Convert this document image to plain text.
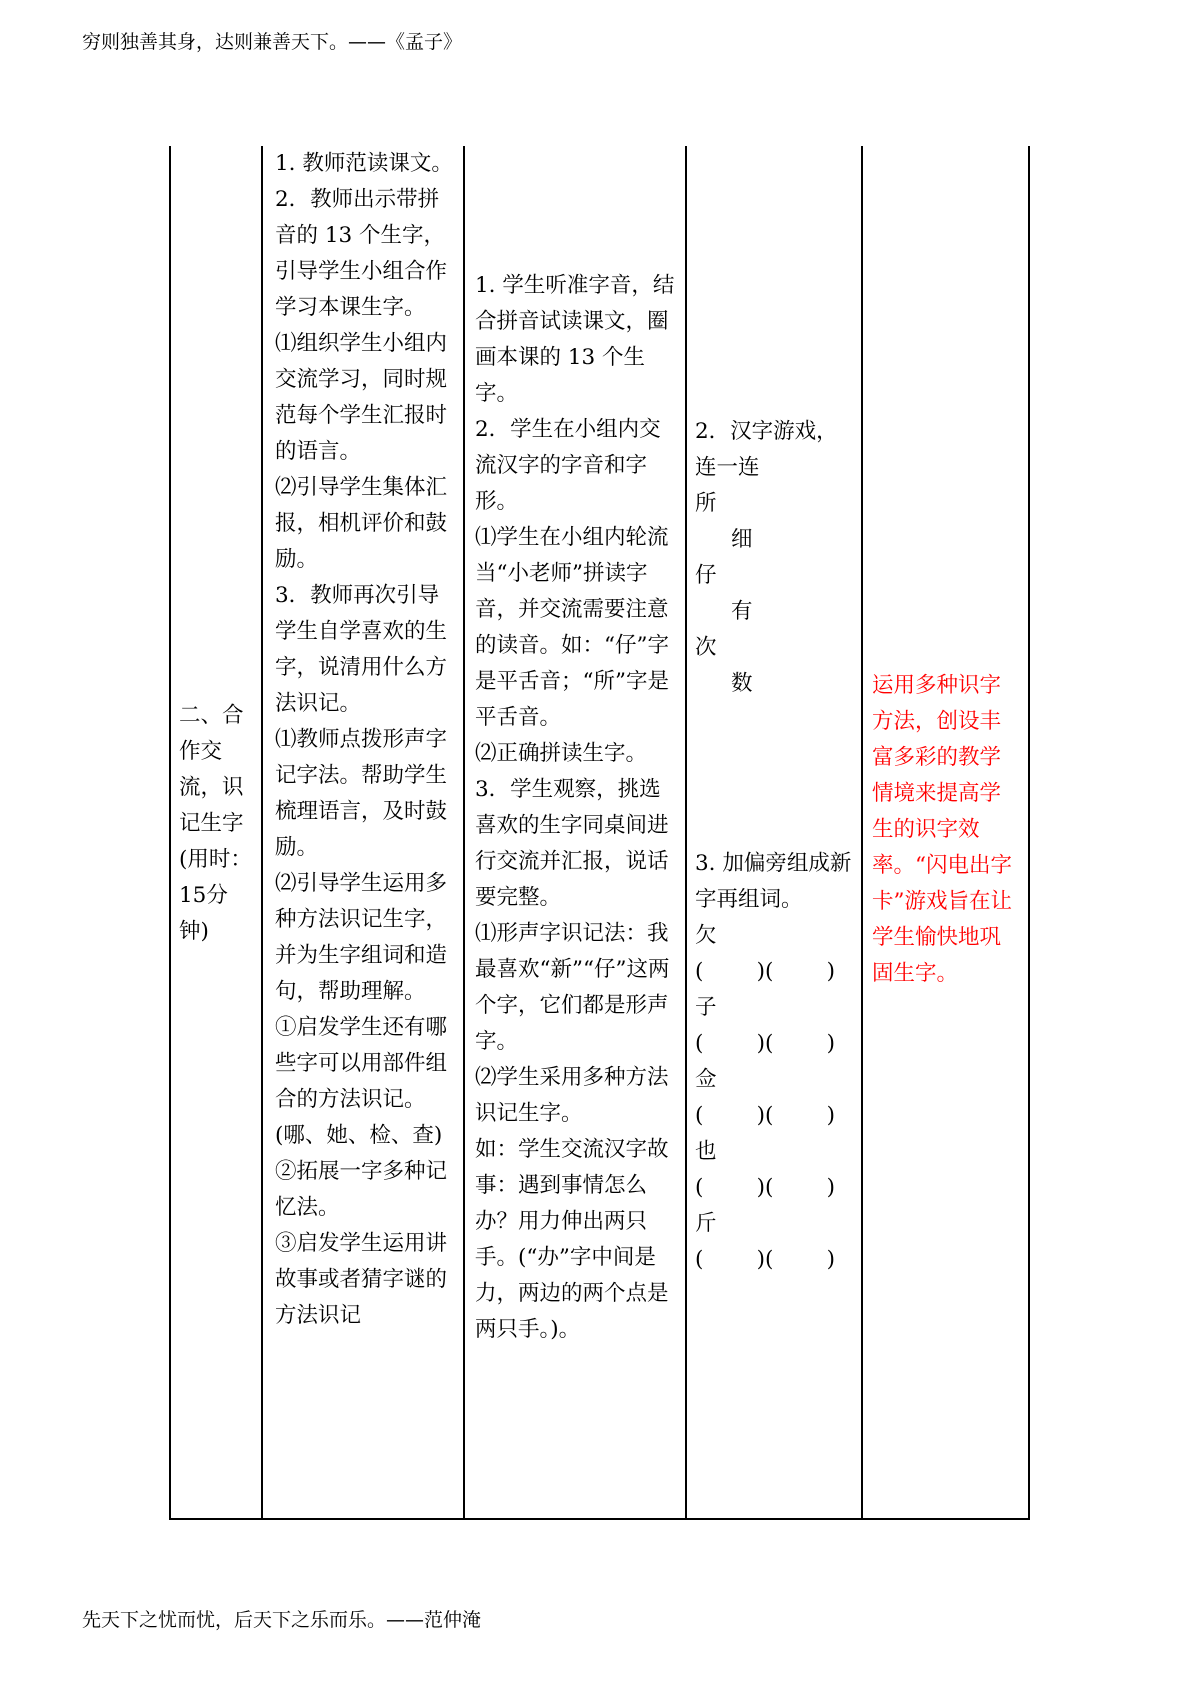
穷则独善其身，达则兼善天下。——《孟子》
二、合作交流，识记生字(用时：15分钟)

1. 教师范读课文。

2．教师出示带拼音的 13 个生字，引导学生小组合作学习本课生字。

⑴组织学生小组内交流学习，同时规范每个学生汇报时的语言。

⑵引导学生集体汇报，相机评价和鼓励。

3．教师再次引导学生自学喜欢的生字，说清用什么方法识记。

⑴教师点拨形声字记字法。帮助学生梳理语言，及时鼓励。

⑵引导学生运用多种方法识记生字，并为生字组词和造句，帮助理解。

①启发学生还有哪些字可以用部件组合的方法识记。(哪、她、检、查)

②拓展一字多种记忆法。

③启发学生运用讲故事或者猜字谜的方法识记

1. 学生听准字音，结合拼音试读课文，圈画本课的 13 个生字。

2．学生在小组内交流汉字的字音和字形。

⑴学生在小组内轮流当“小老师”拼读字音，并交流需要注意的读音。如：“仔”字是平舌音；“所”字是平舌音。

⑵正确拼读生字。

3．学生观察，挑选喜欢的生字同桌间进行交流并汇报，说话要完整。

⑴形声字识记法：我最喜欢“新”“仔”这两个字，它们都是形声字。

⑵学生采用多种方法识记生字。

如：学生交流汉字故事：遇到事情怎么办？用力伸出两只手。(“办”字中间是力，两边的两个点是两只手。)。

2．汉字游戏，连一连

所

细

仔

有

次

数

3. 加偏旁组成新字再组词。

欠

( )( )

子

( )( )

佥

( )( )

也

( )( )

斤

( )( )

运用多种识字方法，创设丰富多彩的教学情境来提高学生的识字效率。“闪电出字卡”游戏旨在让学生愉快地巩固生字。
先天下之忧而忧，后天下之乐而乐。——范仲淹
